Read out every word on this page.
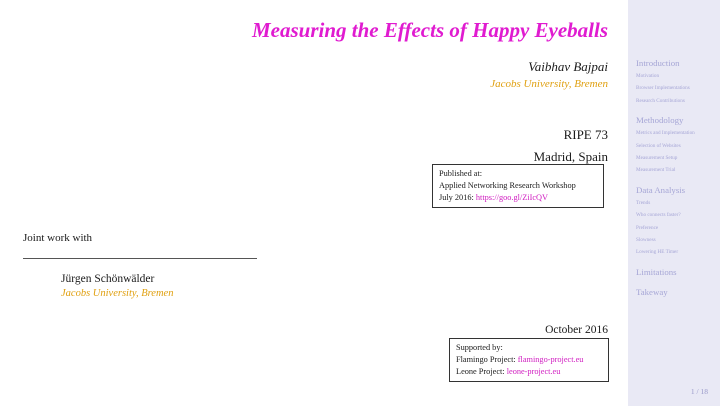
Measuring the Effects of Happy Eyeballs
Vaibhav Bajpai
Jacobs University, Bremen
RIPE 73
Madrid, Spain
Published at:
Applied Networking Research Workshop
July 2016: https://goo.gl/ZiIcQV
Joint work with
Jürgen Schönwälder
Jacobs University, Bremen
October 2016
Supported by:
Flamingo Project: flamingo-project.eu
Leone Project: leone-project.eu
Introduction
Motivation
Browser Implementations
Research Contributions
Methodology
Metrics and Implementation
Selection of Websites
Measurement Setup
Measurement Trial
Data Analysis
Trends
Who connects faster?
Preference
Slowness
Lowering HE Timer
Limitations
Takeway
1 / 18
